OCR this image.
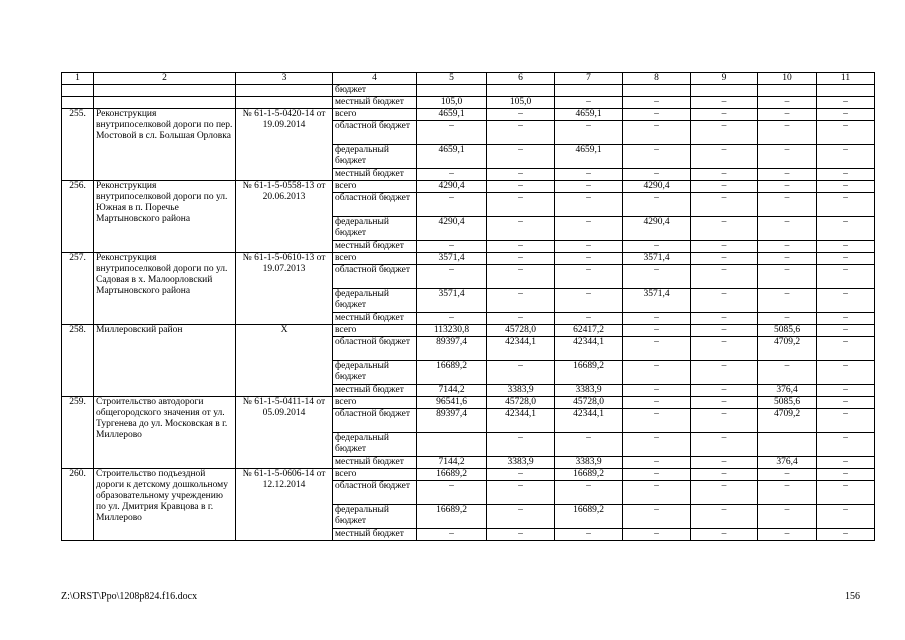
1	2	3	4	5	6	7	8	9	10	11
			бюджет							
			местный бюджет	105,0	105,0	–	–	–	–	–
255.	Реконструкция внутрипоселковой дороги по пер. Мостовой в сл. Большая Орловка	№ 61-1-5-0420-14 от 19.09.2014	всего	4659,1	–	4659,1	–	–	–	–
			областной бюджет	–	–	–	–	–	–	–
			федеральный бюджет	4659,1	–	4659,1	–	–	–	–
			местный бюджет	–	–	–	–	–	–	–
256.	Реконструкция внутрипоселковой дороги по ул. Южная в п. Поречье Мартыновского района	№ 61-1-5-0558-13 от 20.06.2013	всего	4290,4	–	–	4290,4	–	–	–
			областной бюджет	–	–	–	–	–	–	–
			федеральный бюджет	4290,4	–	–	4290,4	–	–	–
			местный бюджет	–	–	–	–	–	–	–
257.	Реконструкция внутрипоселковой дороги по ул. Садовая в х. Малоорловский Мартыновского района	№ 61-1-5-0610-13 от 19.07.2013	всего	3571,4	–	–	3571,4	–	–	–
			областной бюджет	–	–	–	–	–	–	–
			федеральный бюджет	3571,4	–	–	3571,4	–	–	–
			местный бюджет	–	–	–	–	–	–	–
258.	Миллеровский район	X	всего	113230,8	45728,0	62417,2	–	–	5085,6	–
			областной бюджет	89397,4	42344,1	42344,1	–	–	4709,2	–
			федеральный бюджет	16689,2	–	16689,2	–	–	–	–
			местный бюджет	7144,2	3383,9	3383,9	–	–	376,4	–
259.	Строительство автодороги общегородского значения от ул. Тургенева до ул. Московская в г. Миллерово	№ 61-1-5-0411-14 от 05.09.2014	всего	96541,6	45728,0	45728,0	–	–	5085,6	–
			областной бюджет	89397,4	42344,1	42344,1	–	–	4709,2	–
			федеральный бюджет		–	–	–	–		–
			местный бюджет	7144,2	3383,9	3383,9	–	–	376,4	–
260.	Строительство подъездной дороги к детскому дошкольному образовательному учреждению по ул. Дмитрия Кравцова в г. Миллерово	№ 61-1-5-0606-14 от 12.12.2014	всего	16689,2	–	16689,2	–	–	–	–
			областной бюджет	–	–	–	–	–	–	–
			федеральный бюджет	16689,2	–	16689,2	–	–	–	–
			местный бюджет	–	–	–	–	–	–	–
Z:\ORST\Ppo\1208p824.f16.docx	156
